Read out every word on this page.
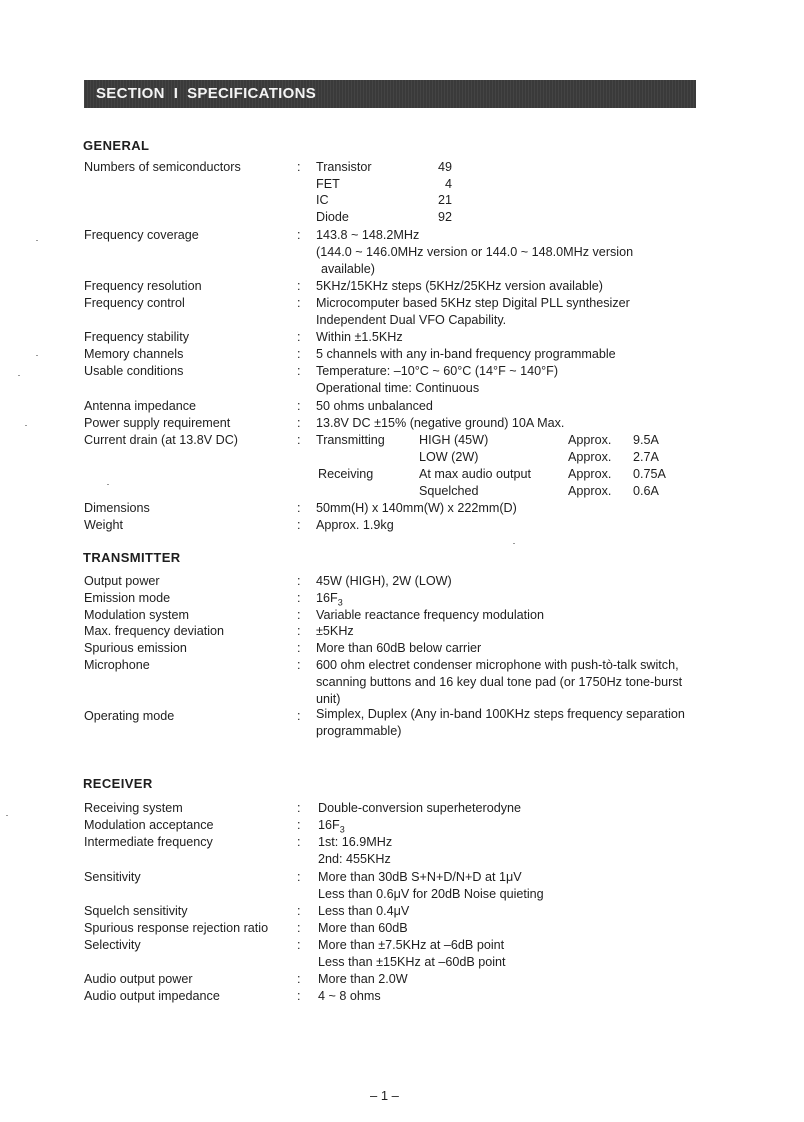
SECTION  I  SPECIFICATIONS
GENERAL
Numbers of semiconductors	: Transistor	49
FET	4
IC	21
Diode	92
Frequency coverage	: 143.8 ~ 148.2MHz
(144.0 ~ 146.0MHz version or 144.0 ~ 148.0MHz version
available)
Frequency resolution	: 5KHz/15KHz steps (5KHz/25KHz version available)
Frequency control	: Microcomputer based 5KHz step Digital PLL synthesizer
Independent Dual VFO Capability.
Frequency stability	: Within ±1.5KHz
Memory channels	: 5 channels with any in-band frequency programmable
Usable conditions	: Temperature: –10°C ~ 60°C (14°F ~ 140°F)
Operational time: Continuous
Antenna impedance	: 50 ohms unbalanced
Power supply requirement	: 13.8V DC ±15% (negative ground) 10A Max.
Current drain (at 13.8V DC)	: Transmitting	HIGH (45W)	Approx. 9.5A
LOW (2W)	Approx. 2.7A
Receiving	At max audio output	Approx. 0.75A
Squelched	Approx. 0.6A
Dimensions	: 50mm(H) x 140mm(W) x 222mm(D)
Weight	: Approx. 1.9kg
TRANSMITTER
Output power	: 45W (HIGH), 2W (LOW)
Emission mode	: $16F_3$
Modulation system	: Variable reactance frequency modulation
Max. frequency deviation	: ±5KHz
Spurious emission	: More than 60dB below carrier
Microphone	: 600 ohm electret condenser microphone with push-tò-talk switch, scanning buttons and 16 key dual tone pad (or 1750Hz tone-burst unit)
Operating mode	: Simplex, Duplex (Any in-band 100KHz steps frequency separation programmable)
RECEIVER
Receiving system	: Double-conversion superheterodyne
Modulation acceptance	: $16F_3$
Intermediate frequency	: 1st: 16.9MHz
2nd: 455KHz
Sensitivity	: More than 30dB S+N+D/N+D at 1μV
Less than 0.6μV for 20dB Noise quieting
Squelch sensitivity	: Less than 0.4μV
Spurious response rejection ratio : More than 60dB
Selectivity	: More than ±7.5KHz at –6dB point
Less than ±15KHz at –60dB point
Audio output power	: More than 2.0W
Audio output impedance	: 4 ~ 8 ohms
– 1 –
